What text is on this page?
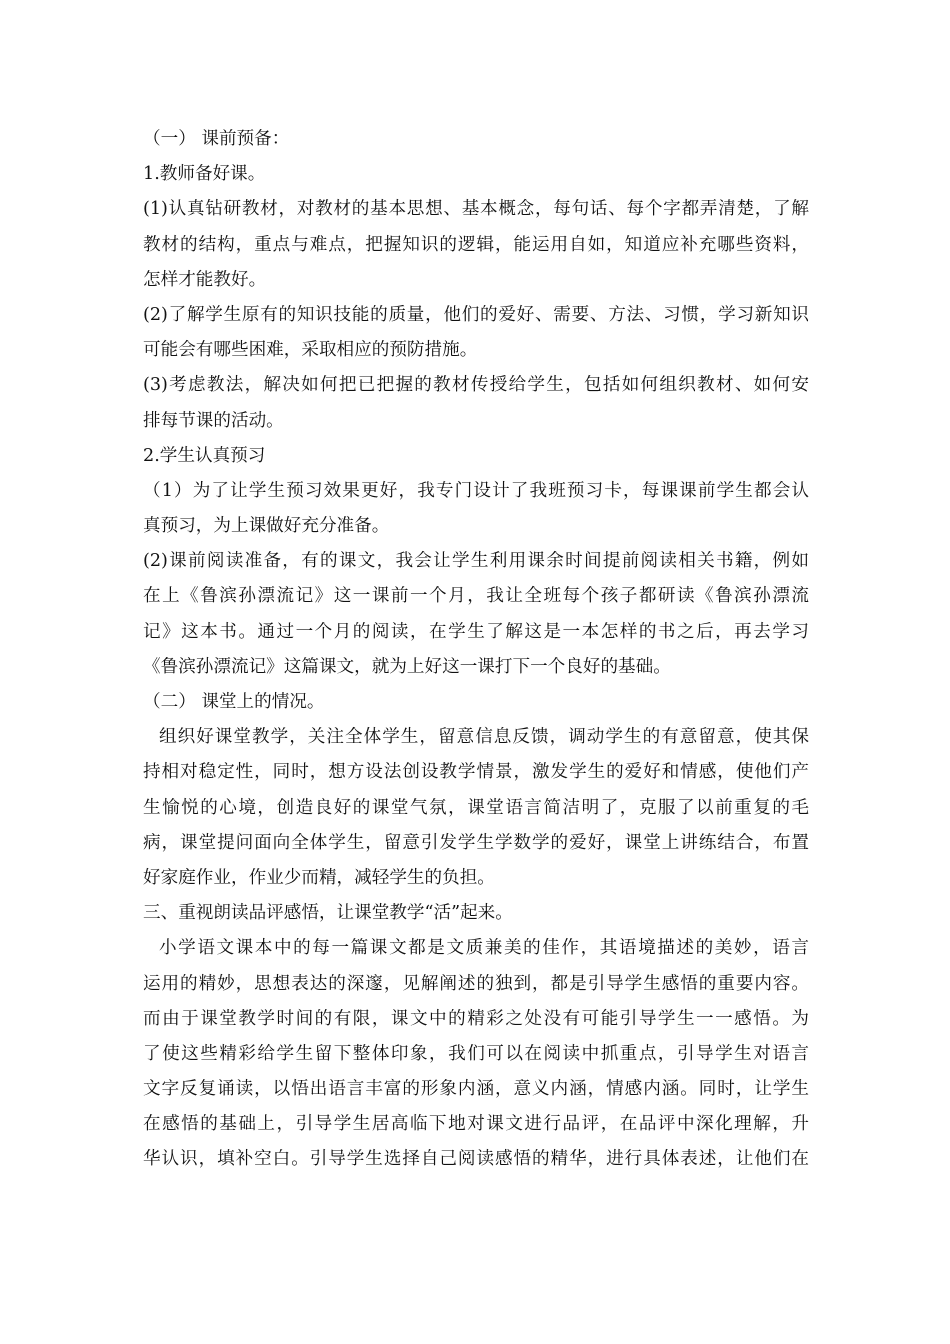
（一） 课前预备：
1.教师备好课。
(1)认真钻研教材，对教材的基本思想、基本概念，每句话、每个字都弄清楚，了解
教材的结构，重点与难点，把握知识的逻辑，能运用自如，知道应补充哪些资料，
怎样才能教好。
(2)了解学生原有的知识技能的质量，他们的爱好、需要、方法、习惯，学习新知识
可能会有哪些困难，采取相应的预防措施。
(3)考虑教法，解决如何把已把握的教材传授给学生，包括如何组织教材、如何安
排每节课的活动。
2.学生认真预习
（1）为了让学生预习效果更好，我专门设计了我班预习卡，每课课前学生都会认
真预习，为上课做好充分准备。
(2)课前阅读准备，有的课文，我会让学生利用课余时间提前阅读相关书籍，例如
在上《鲁滨孙漂流记》这一课前一个月，我让全班每个孩子都研读《鲁滨孙漂流
记》这本书。通过一个月的阅读，在学生了解这是一本怎样的书之后，再去学习
《鲁滨孙漂流记》这篇课文，就为上好这一课打下一个良好的基础。
（二） 课堂上的情况。
组织好课堂教学，关注全体学生，留意信息反馈，调动学生的有意留意，使其保
持相对稳定性，同时，想方设法创设教学情景，激发学生的爱好和情感，使他们产
生愉悦的心境，创造良好的课堂气氛，课堂语言简洁明了，克服了以前重复的毛
病，课堂提问面向全体学生，留意引发学生学数学的爱好，课堂上讲练结合，布置
好家庭作业，作业少而精，减轻学生的负担。
三、重视朗读品评感悟，让课堂教学“活”起来。
小学语文课本中的每一篇课文都是文质兼美的佳作，其语境描述的美妙，语言
运用的精妙，思想表达的深邃，见解阐述的独到，都是引导学生感悟的重要内容。
而由于课堂教学时间的有限，课文中的精彩之处没有可能引导学生一一感悟。为
了使这些精彩给学生留下整体印象，我们可以在阅读中抓重点，引导学生对语言
文字反复诵读，以悟出语言丰富的形象内涵，意义内涵，情感内涵。同时，让学生
在感悟的基础上，引导学生居高临下地对课文进行品评，在品评中深化理解，升
华认识，填补空白。引导学生选择自己阅读感悟的精华，进行具体表述，让他们在
